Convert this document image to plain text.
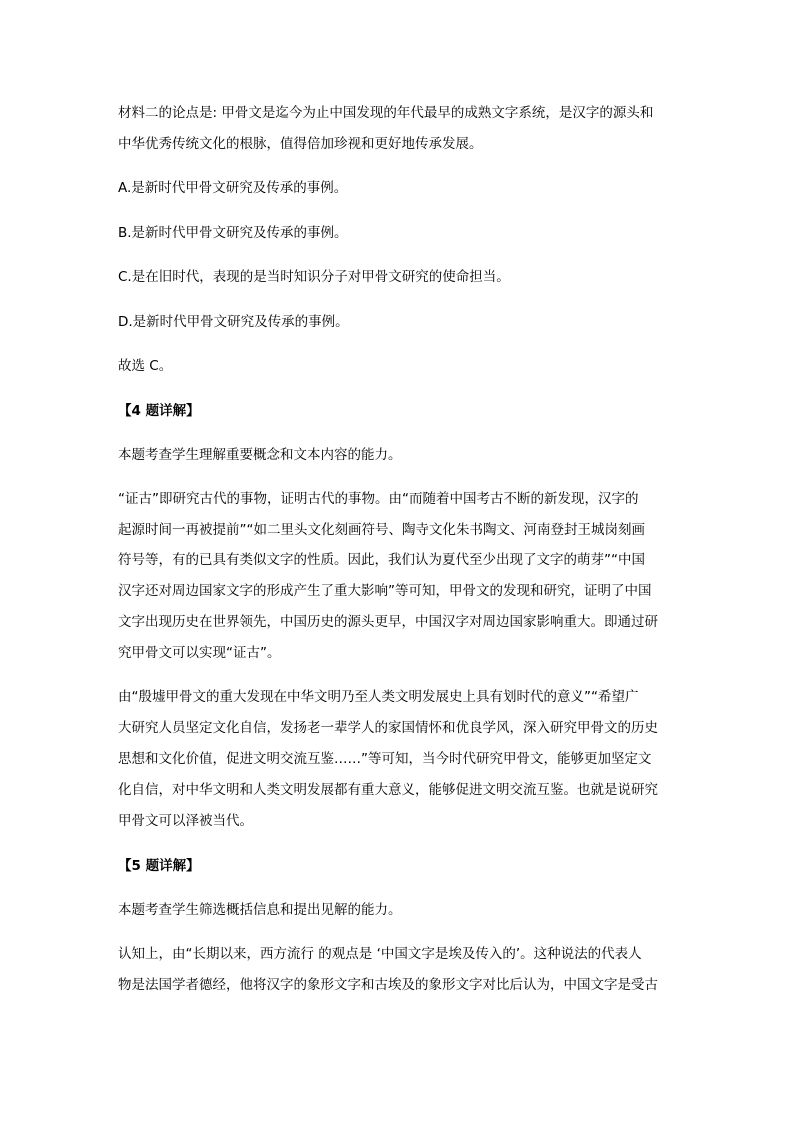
材料二的论点是: 甲骨文是迄今为止中国发现的年代最早的成熟文字系统，是汉字的源头和
中华优秀传统文化的根脉，值得倍加珍视和更好地传承发展。
A.是新时代甲骨文研究及传承的事例。
B.是新时代甲骨文研究及传承的事例。
C.是在旧时代，表现的是当时知识分子对甲骨文研究的使命担当。
D.是新时代甲骨文研究及传承的事例。
故选 C。
【4 题详解】
本题考查学生理解重要概念和文本内容的能力。
“证古”即研究古代的事物，证明古代的事物。由“而随着中国考古不断的新发现，汉字的
起源时间一再被提前”“如二里头文化刻画符号、陶寺文化朱书陶文、河南登封王城岗刻画
符号等，有的已具有类似文字的性质。因此，我们认为夏代至少出现了文字的萌芽”“中国
汉字还对周边国家文字的形成产生了重大影响”等可知，甲骨文的发现和研究，证明了中国
文字出现历史在世界领先，中国历史的源头更早，中国汉字对周边国家影响重大。即通过研
究甲骨文可以实现“证古”。
由“殷墟甲骨文的重大发现在中华文明乃至人类文明发展史上具有划时代的意义”“希望广
大研究人员坚定文化自信，发扬老一辈学人的家国情怀和优良学风，深入研究甲骨文的历史
思想和文化价值，促进文明交流互鉴……”等可知，当今时代研究甲骨文，能够更加坚定文
化自信，对中华文明和人类文明发展都有重大意义，能够促进文明交流互鉴。也就是说研究
甲骨文可以泽被当代。
【5 题详解】
本题考查学生筛选概括信息和提出见解的能力。
认知上，由“长期以来，西方流行 的观点是 ‘中国文字是埃及传入的’。这种说法的代表人
物是法国学者德经，他将汉字的象形文字和古埃及的象形文字对比后认为，中国文字是受古
